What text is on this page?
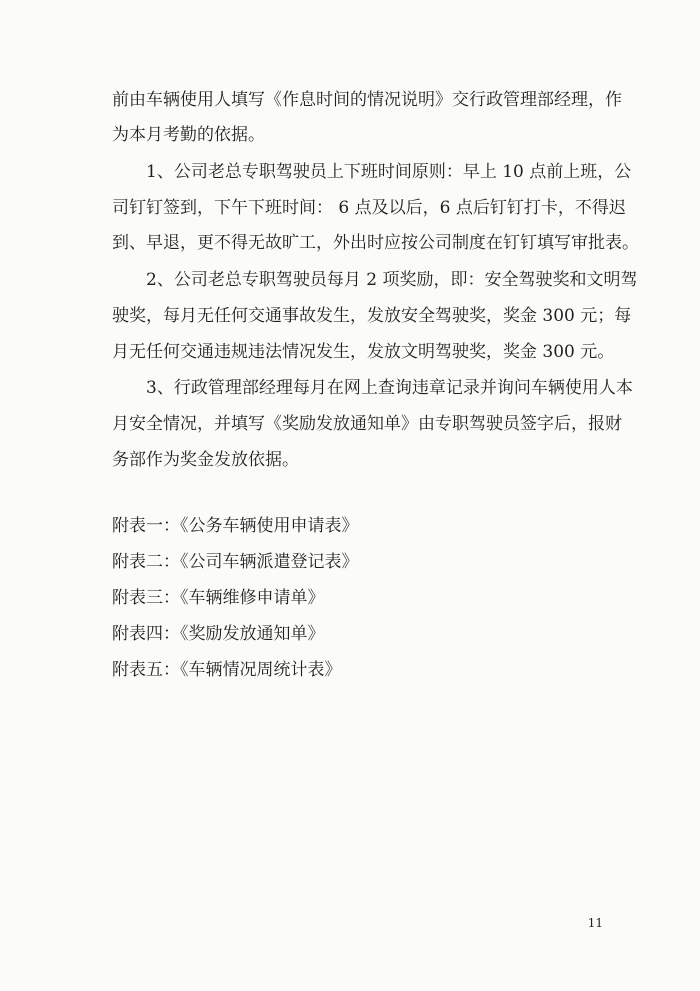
前由车辆使用人填写《作息时间的情况说明》交行政管理部经理，作
为本月考勤的依据。
1、公司老总专职驾驶员上下班时间原则：早上 10 点前上班，公
司钉钉签到，下午下班时间： 6 点及以后，6 点后钉钉打卡，不得迟
到、早退，更不得无故旷工，外出时应按公司制度在钉钉填写审批表。
2、公司老总专职驾驶员每月 2 项奖励，即：安全驾驶奖和文明驾
驶奖，每月无任何交通事故发生，发放安全驾驶奖，奖金 300 元；每
月无任何交通违规违法情况发生，发放文明驾驶奖，奖金 300 元。
3、行政管理部经理每月在网上查询违章记录并询问车辆使用人本
月安全情况，并填写《奖励发放通知单》由专职驾驶员签字后，报财
务部作为奖金发放依据。
附表一：《公务车辆使用申请表》
附表二：《公司车辆派遣登记表》
附表三：《车辆维修申请单》
附表四：《奖励发放通知单》
附表五：《车辆情况周统计表》
11
